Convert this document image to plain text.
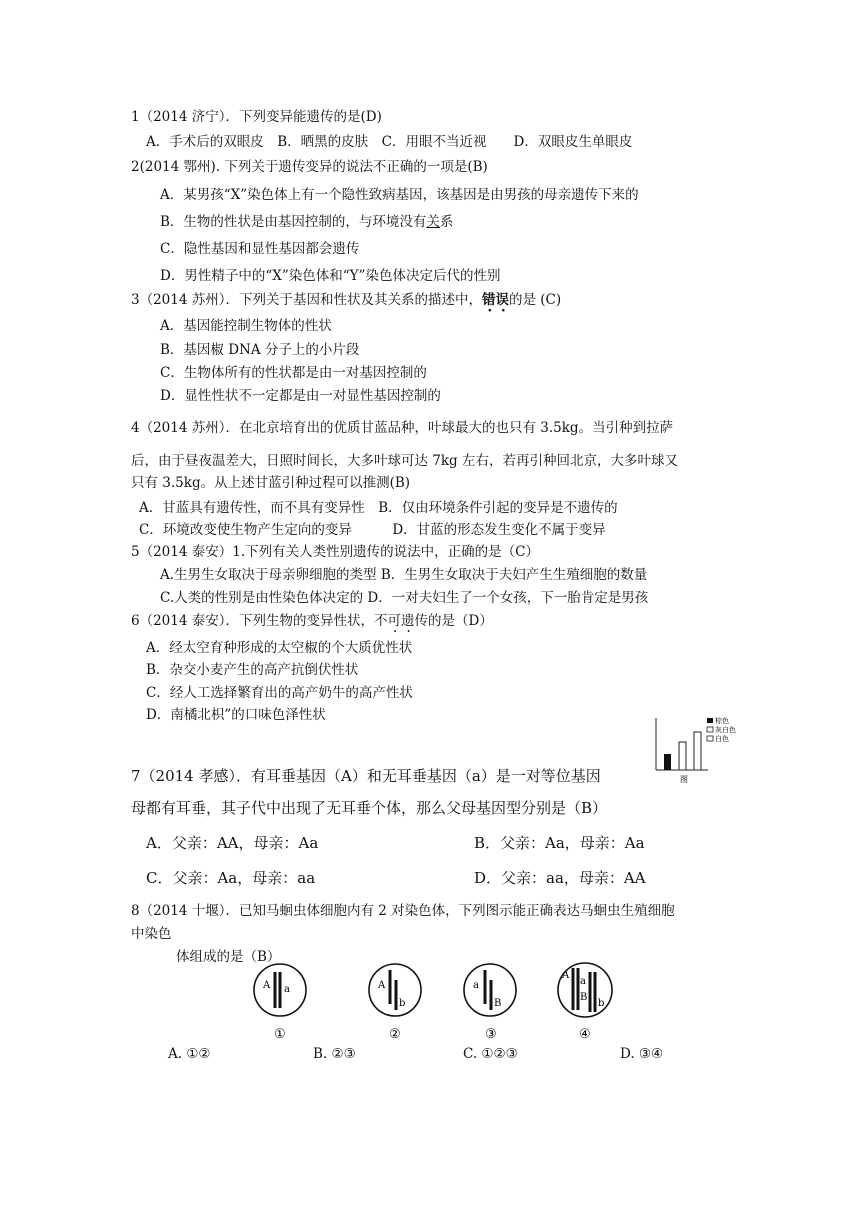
1（2014 济宁）．下列变异能遗传的是(D)
A．手术后的双眼皮　B．晒黑的皮肤　C．用眼不当近视　　D．双眼皮生单眼皮
2(2014 鄂州). 下列关于遗传变异的说法不正确的一项是(B)
A．某男孩“X”染色体上有一个隐性致病基因，该基因是由男孩的母亲遗传下来的
B．生物的性状是由基因控制的，与环境没有关系
C．隐性基因和显性基因都会遗传
D．男性精子中的“X”染色体和“Y”染色体决定后代的性别
3（2014 苏州）．下列关于基因和性状及其关系的描述中，错误的是 (C)
A．基因能控制生物体的性状
B．基因椒 DNA 分子上的小片段
C．生物体所有的性状都是由一对基因控制的
D．显性性状不一定都是由一对显性基因控制的
4（2014 苏州）．在北京培育出的优质甘蓝品种，叶球最大的也只有 3.5kg。当引种到拉萨
后，由于昼夜温差大，日照时间长，大多叶球可达 7kg 左右，若再引种回北京，大多叶球又
只有 3.5kg。从上述甘蓝引种过程可以推测(B)
A．甘蓝具有遗传性，而不具有变异性　B．仅由环境条件引起的变异是不遗传的
C．环境改变使生物产生定向的变异　　　D．甘蓝的形态发生变化不属于变异
5（2014 泰安）1.下列有关人类性别遗传的说法中，正确的是（C）
A.生男生女取决于母亲卵细胞的类型 B．生男生女取决于夫妇产生生殖细胞的数量
C.人类的性别是由性染色体决定的 D．一对夫妇生了一个女孩，下一胎肯定是男孩
6（2014 泰安）．下列生物的变异性状，不可遗传的是（D）
A．经太空育种形成的太空椒的个大质优性状
B．杂交小麦产生的高产抗倒伏性状
C．经人工选择繁育出的高产奶牛的高产性状
D．南橘北枳”的口味色泽性状	棕色
灰白色
白色
图
7（2014 孝感）．有耳垂基因（A）和无耳垂基因（a）是一对等位基因
母都有耳垂，其子代中出现了无耳垂个体，那么父母基因型分别是（B）
A．父亲：AA，母亲：Aa	B．父亲：Aa，母亲：Aa
C．父亲：Aa，母亲：aa	D．父亲：aa，母亲：AA
8（2014 十堰）．已知马蛔虫体细胞内有 2 对染色体，下列图示能正确表达马蛔虫生殖细胞
中染色
体组成的是（B）
A a
①
A
b
②
a
B
③
A
a
B
b
④
A. ①②	B. ②③	C. ①②③	D. ③④
